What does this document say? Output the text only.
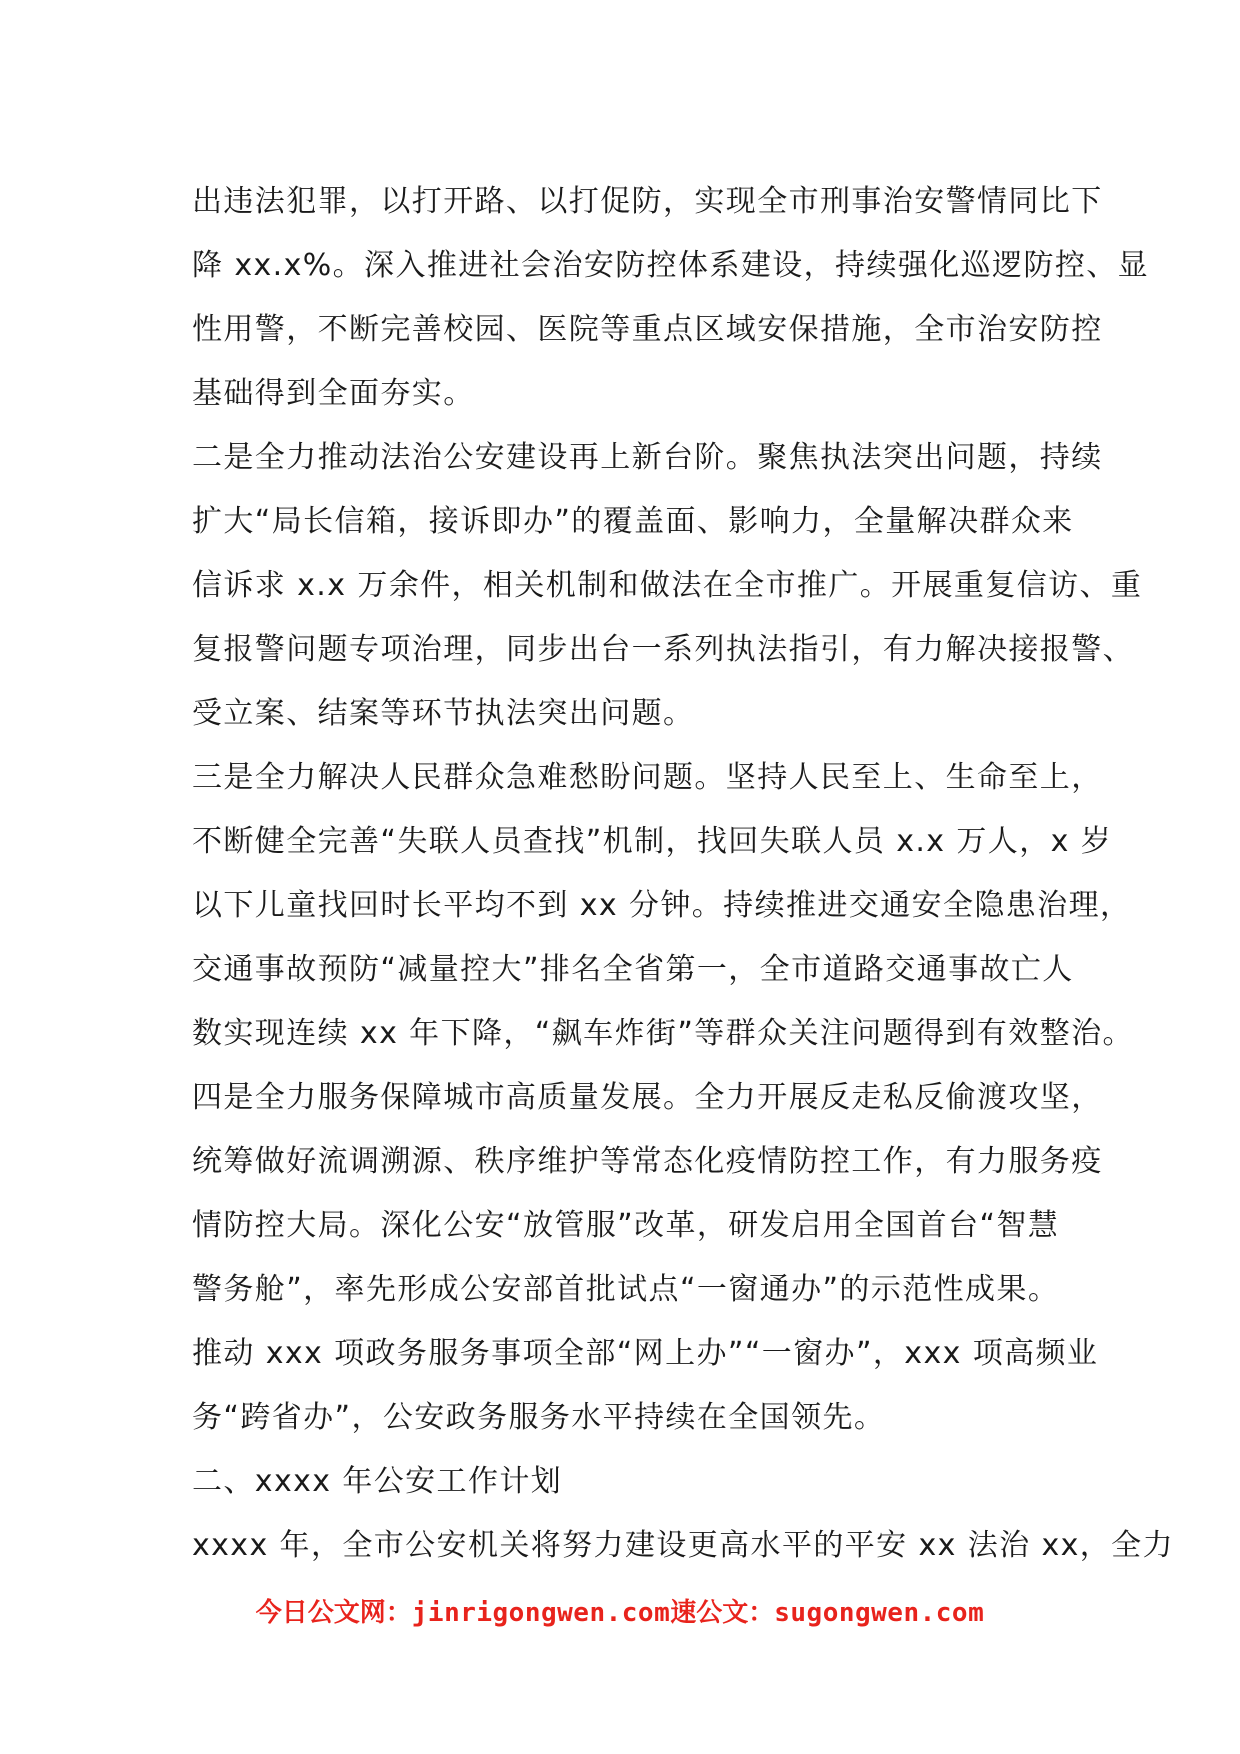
出违法犯罪，以打开路、以打促防，实现全市刑事治安警情同比下
降 xx.x%。深入推进社会治安防控体系建设，持续强化巡逻防控、显
性用警，不断完善校园、医院等重点区域安保措施，全市治安防控
基础得到全面夯实。
二是全力推动法治公安建设再上新台阶。聚焦执法突出问题，持续
扩大“局长信箱，接诉即办”的覆盖面、影响力，全量解决群众来
信诉求 x.x 万余件，相关机制和做法在全市推广。开展重复信访、重
复报警问题专项治理，同步出台一系列执法指引，有力解决接报警、
受立案、结案等环节执法突出问题。
三是全力解决人民群众急难愁盼问题。坚持人民至上、生命至上，
不断健全完善“失联人员查找”机制，找回失联人员 x.x 万人，x 岁
以下儿童找回时长平均不到 xx 分钟。持续推进交通安全隐患治理，
交通事故预防“减量控大”排名全省第一，全市道路交通事故亡人
数实现连续 xx 年下降，“飙车炸街”等群众关注问题得到有效整治。
四是全力服务保障城市高质量发展。全力开展反走私反偷渡攻坚，
统筹做好流调溯源、秩序维护等常态化疫情防控工作，有力服务疫
情防控大局。深化公安“放管服”改革，研发启用全国首台“智慧
警务舱”，率先形成公安部首批试点“一窗通办”的示范性成果。
推动 xxx 项政务服务事项全部“网上办”“一窗办”，xxx 项高频业
务“跨省办”，公安政务服务水平持续在全国领先。
二、xxxx 年公安工作计划
xxxx 年，全市公安机关将努力建设更高水平的平安 xx 法治 xx，全力
今日公文网：jinrigongwen.com速公文：sugongwen.com
